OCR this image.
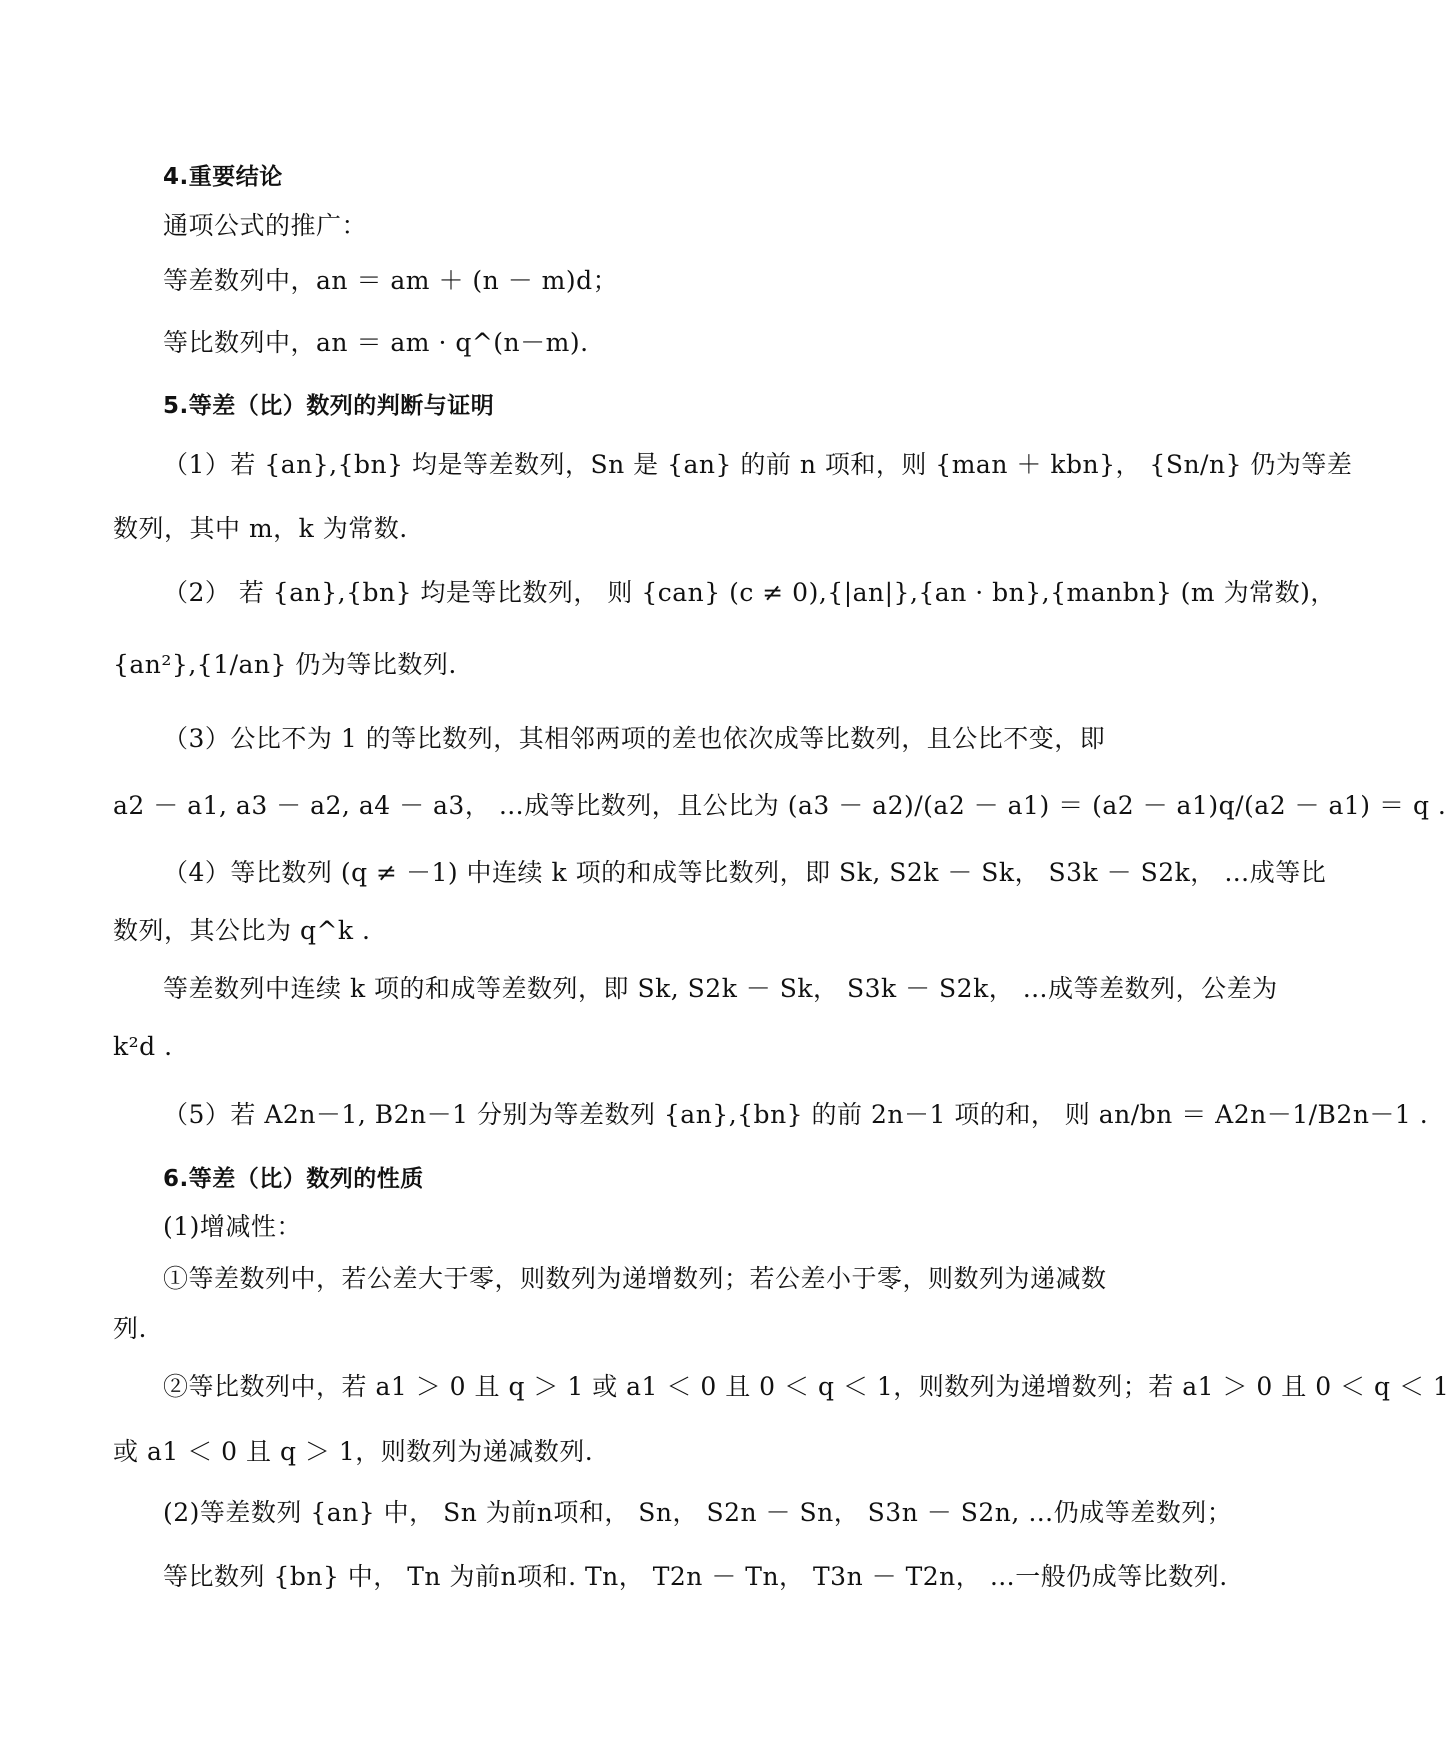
4.重要结论
通项公式的推广：
等差数列中，an ＝ am ＋ (n － m)d；
等比数列中，an ＝ am · q^(n－m).
5.等差（比）数列的判断与证明
（1）若 {an},{bn} 均是等差数列，Sn 是 {an} 的前 n 项和，则 {man ＋ kbn}， {Sn/n} 仍为等差
数列，其中 m，k 为常数.
（2） 若 {an},{bn} 均是等比数列， 则 {can} (c ≠ 0),{|an|},{an · bn},{manbn} (m 为常数)，
{an²},{1/an} 仍为等比数列.
（3）公比不为 1 的等比数列，其相邻两项的差也依次成等比数列，且公比不变，即
a2 － a1, a3 － a2, a4 － a3， …成等比数列，且公比为 (a3 － a2)/(a2 － a1) ＝ (a2 － a1)q/(a2 － a1) ＝ q .
（4）等比数列 (q ≠ －1) 中连续 k 项的和成等比数列，即 Sk, S2k － Sk， S3k － S2k， …成等比
数列，其公比为 q^k .
等差数列中连续 k 项的和成等差数列，即 Sk, S2k － Sk， S3k － S2k， …成等差数列，公差为
k²d .
（5）若 A2n－1, B2n－1 分别为等差数列 {an},{bn} 的前 2n－1 项的和， 则 an/bn ＝ A2n－1/B2n－1 .
6.等差（比）数列的性质
(1)增减性：
①等差数列中，若公差大于零，则数列为递增数列；若公差小于零，则数列为递减数
列.
②等比数列中，若 a1 ＞ 0 且 q ＞ 1 或 a1 ＜ 0 且 0 ＜ q ＜ 1，则数列为递增数列；若 a1 ＞ 0 且 0 ＜ q ＜ 1
或 a1 ＜ 0 且 q ＞ 1，则数列为递减数列.
(2)等差数列 {an} 中， Sn 为前n项和， Sn， S2n － Sn， S3n － S2n, …仍成等差数列；
等比数列 {bn} 中， Tn 为前n项和. Tn， T2n － Tn， T3n － T2n， …一般仍成等比数列.
